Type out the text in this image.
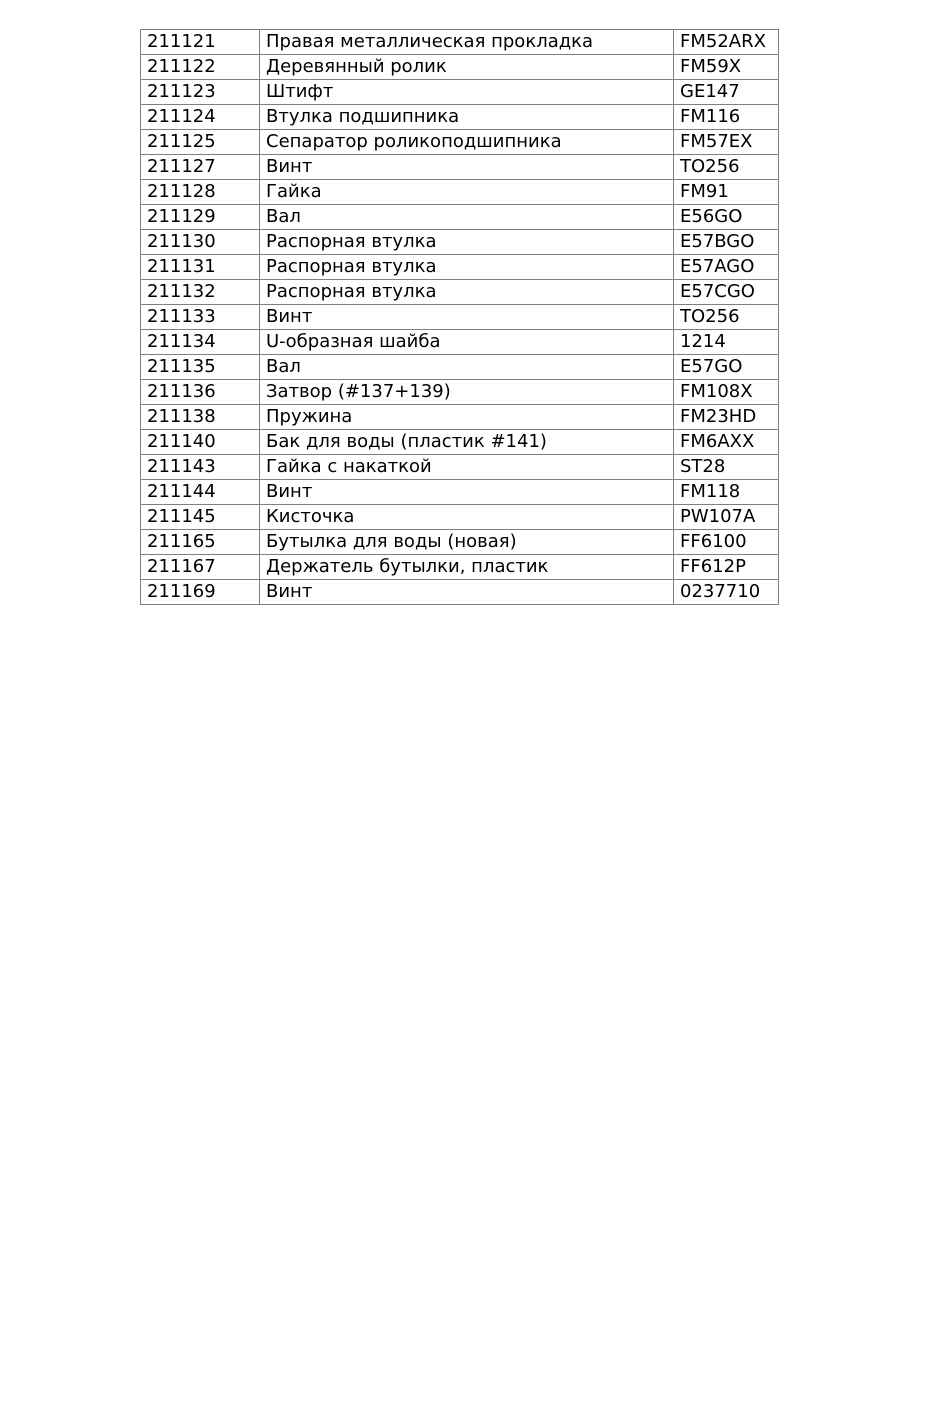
211121	Правая металлическая прокладка	FM52ARX
211122	Деревянный ролик	FM59X
211123	Штифт	GE147
211124	Втулка подшипника	FM116
211125	Сепаратор роликоподшипника	FM57EX
211127	Винт	TO256
211128	Гайка	FM91
211129	Вал	E56GO
211130	Распорная втулка	E57BGO
211131	Распорная втулка	E57AGO
211132	Распорная втулка	E57CGO
211133	Винт	TO256
211134	U-образная шайба	1214
211135	Вал	E57GO
211136	Затвор (#137+139)	FM108X
211138	Пружина	FM23HD
211140	Бак для воды (пластик #141)	FM6AXX
211143	Гайка с накаткой	ST28
211144	Винт	FM118
211145	Кисточка	PW107A
211165	Бутылка для воды (новая)	FF6100
211167	Держатель бутылки, пластик	FF612P
211169	Винт	0237710
